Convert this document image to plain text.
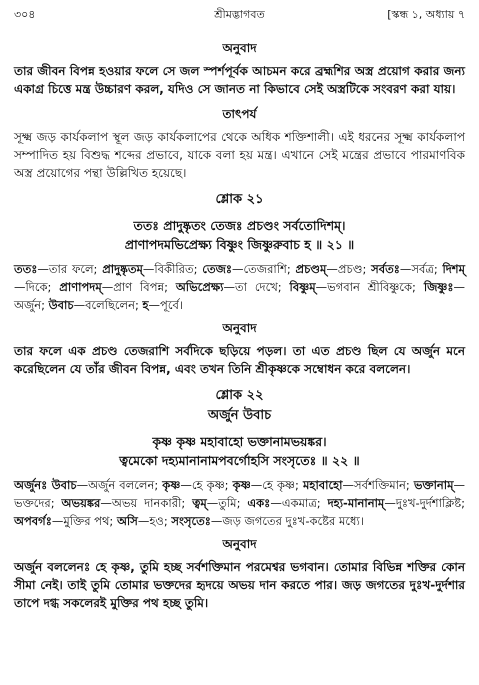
৩০৪	শ্রীমদ্ভাগবত	[স্কন্ধ ১, অধ্যায় ৭

অনুবাদ

তার জীবন বিপন্ন হওয়ার ফলে সে জল স্পর্শপূর্বক আচমন করে ব্রহ্মশির অস্ত্র প্রয়োগ করার জন্য একাগ্র চিত্তে মন্ত্র উচ্চারণ করল, যদিও সে জানত না কিভাবে সেই অস্ত্রটিকে সংবরণ করা যায়।

তাৎপর্য

সূক্ষ্ম জড় কার্যকলাপ স্থূল জড় কার্যকলাপের থেকে অধিক শক্তিশালী। এই ধরনের সূক্ষ্ম কার্যকলাপ সম্পাদিত হয় বিশুদ্ধ শব্দের প্রভাবে, যাকে বলা হয় মন্ত্র। এখানে সেই মন্ত্রের প্রভাবে পারমাণবিক অস্ত্র প্রয়োগের পন্থা উল্লিখিত হয়েছে।

শ্লোক ২১

ততঃ প্রাদুষ্কৃতং তেজঃ প্রচণ্ডং সর্বতোদিশম্‌।

প্রাণাপদমভিপ্রেক্ষ্য বিষ্ণুং জিষ্ণুরুবাচ হ ॥ ২১ ॥

ততঃ—তার ফলে; প্রাদুষ্কৃতম্‌—বিকীরিত; তেজঃ—তেজরাশি; প্রচণ্ডম্‌—প্রচণ্ড; সর্বতঃ—সর্বত্র; দিশম্‌—দিকে; প্রাণাপদম্‌—প্রাণ বিপন্ন; অভিপ্রেক্ষ্য—তা দেখে; বিষ্ণুম্‌—ভগবান শ্রীবিষ্ণুকে; জিষ্ণুঃ—অর্জুন; উবাচ—বলেছিলেন; হ—পূর্বে।

অনুবাদ

তার ফলে এক প্রচণ্ড তেজরাশি সর্বদিকে ছড়িয়ে পড়ল। তা এত প্রচণ্ড ছিল যে অর্জুন মনে করেছিলেন যে তাঁর জীবন বিপন্ন, এবং তখন তিনি শ্রীকৃষ্ণকে সম্বোধন করে বললেন।

শ্লোক ২২

অর্জুন উবাচ

কৃষ্ণ কৃষ্ণ মহাবাহো ভক্তানামভয়ঙ্কর।

ত্বমেকো দহ্যমানানামপবর্গোহসি সংসৃতেঃ ॥ ২২ ॥

অর্জুনঃ উবাচ—অর্জুন বললেন; কৃষ্ণ—হে কৃষ্ণ; কৃষ্ণ—হে কৃষ্ণ; মহাবাহো—সর্বশক্তিমান; ভক্তানাম্‌—ভক্তদের; অভয়ঙ্কর—অভয় দানকারী; ত্বম্‌—তুমি; একঃ—একমাত্র; দহ্য-মানানাম্‌—দুঃখ-দুর্দশাক্লিষ্ট; অপবর্গঃ—মুক্তির পথ; অসি—হও; সংসৃতেঃ—জড় জগতের দুঃখ-কষ্টের মধ্যে।

অনুবাদ

অর্জুন বললেনঃ হে কৃষ্ণ, তুমি হচ্ছ সর্বশক্তিমান পরমেশ্বর ভগবান। তোমার বিভিন্ন শক্তির কোন সীমা নেই। তাই তুমি তোমার ভক্তদের হৃদয়ে অভয় দান করতে পার। জড় জগতের দুঃখ-দুর্দশার তাপে দগ্ধ সকলেরই মুক্তির পথ হচ্ছ তুমি।
